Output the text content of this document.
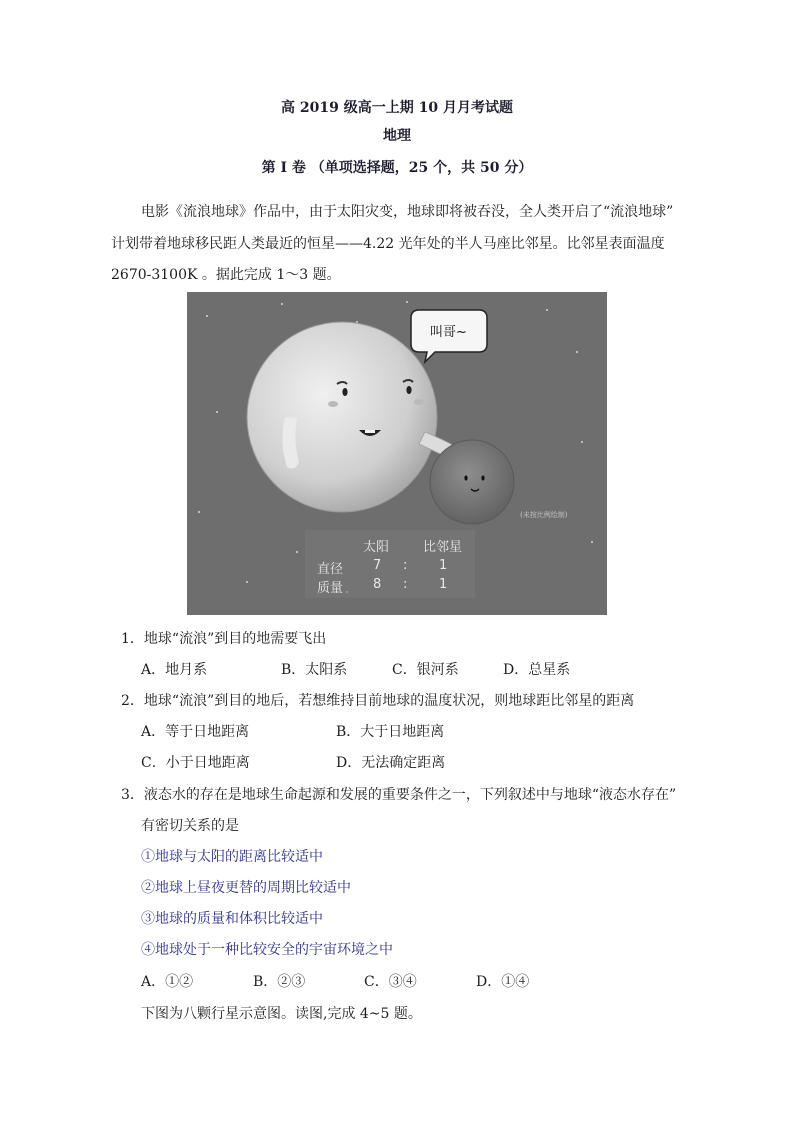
高 2019 级高一上期 10 月月考试题
地理
第 I 卷 （单项选择题，25 个，共 50 分）
电影《流浪地球》作品中，由于太阳灾变，地球即将被吞没，全人类开启了“流浪地球”
计划带着地球移民距人类最近的恒星——4.22 光年处的半人马座比邻星。比邻星表面温度
2670-3100K 。据此完成 1～3 题。
叫哥~
(未按比例绘制)
太阳	比邻星
直径 7 : 1
质量 8 : 1
1．地球“流浪”到目的地需要飞出
A．地月系	B．太阳系	C．银河系	D．总星系
2．地球“流浪”到目的地后，若想维持目前地球的温度状况，则地球距比邻星的距离
A．等于日地距离	B．大于日地距离
C．小于日地距离	D．无法确定距离
3．液态水的存在是地球生命起源和发展的重要条件之一，下列叙述中与地球“液态水存在”
有密切关系的是
①地球与太阳的距离比较适中
②地球上昼夜更替的周期比较适中
③地球的质量和体积比较适中
④地球处于一种比较安全的宇宙环境之中
A．①②	B．②③	C．③④	D．①④
下图为八颗行星示意图。读图,完成 4~5 题。
